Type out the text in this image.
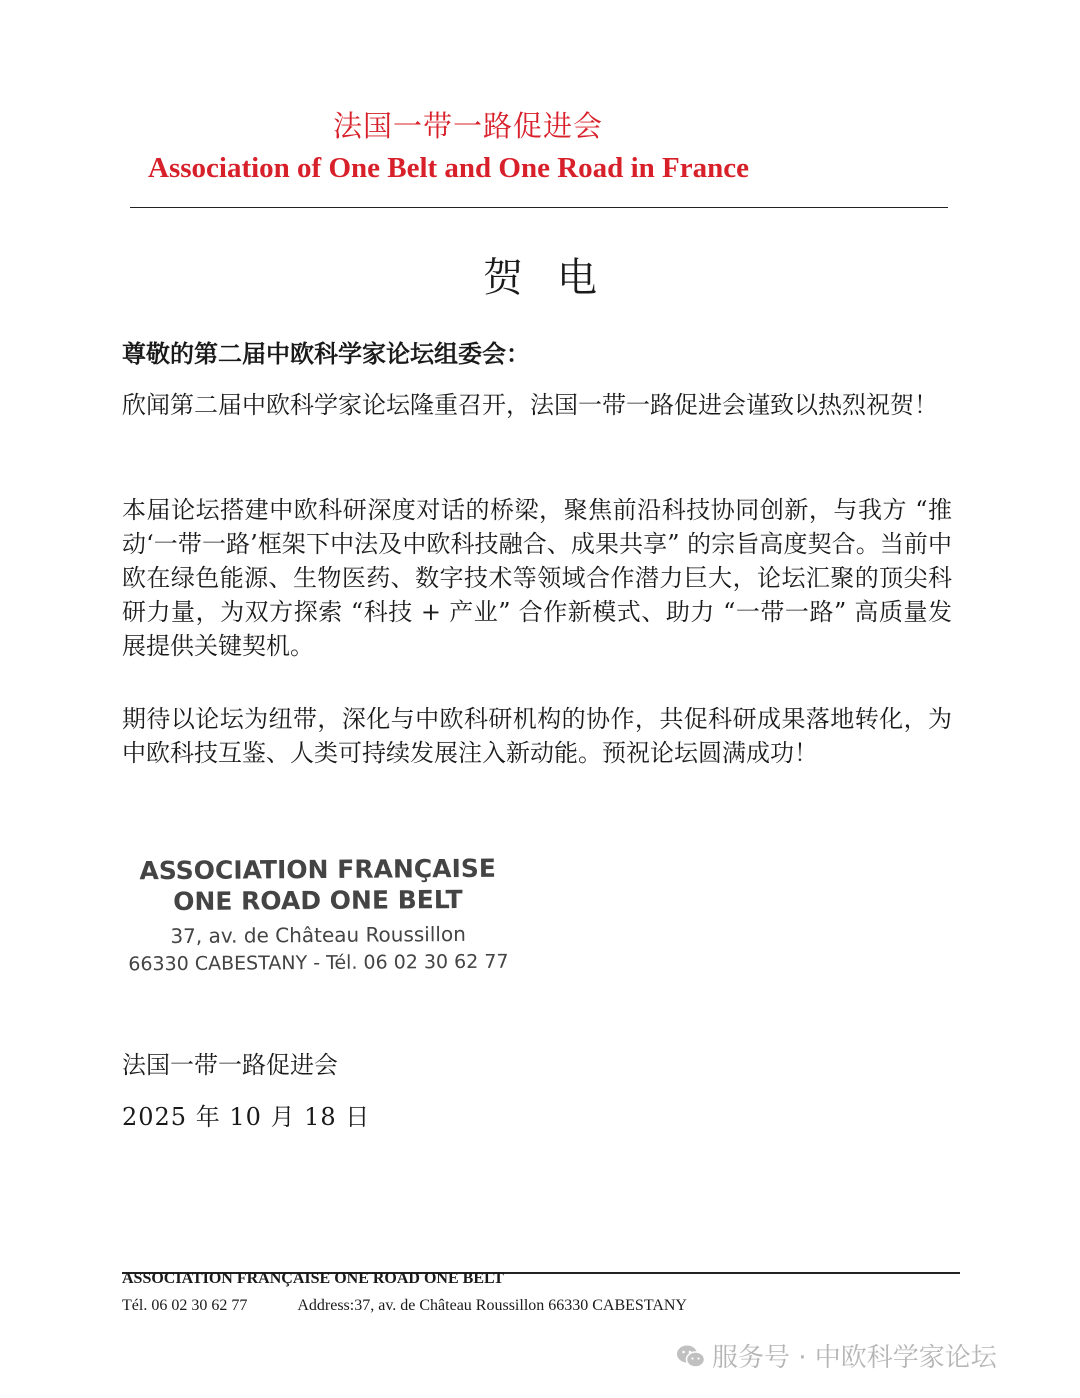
法国一带一路促进会
Association of One Belt and One Road in France
贺电
尊敬的第二届中欧科学家论坛组委会：

欣闻第二届中欧科学家论坛隆重召开，法国一带一路促进会谨致以热烈祝贺！

本届论坛搭建中欧科研深度对话的桥梁，聚焦前沿科技协同创新，与我方 “推动‘一带一路’框架下中法及中欧科技融合、成果共享” 的宗旨高度契合。当前中欧在绿色能源、生物医药、数字技术等领域合作潜力巨大，论坛汇聚的顶尖科研力量，为双方探索 “科技 + 产业” 合作新模式、助力 “一带一路” 高质量发展提供关键契机。

期待以论坛为纽带，深化与中欧科研机构的协作，共促科研成果落地转化，为中欧科技互鉴、人类可持续发展注入新动能。预祝论坛圆满成功！

ASSOCIATION FRANÇAISE
ONE ROAD ONE BELT
37, av. de Château Roussillon
66330 CABESTANY - Tél. 06 02 30 62 77
法国一带一路促进会
2025 年 10 月 18 日
ASSOCIATION FRANÇAISE ONE ROAD ONE BELT
Tél. 06 02 30 62 77	Address:37, av. de Château Roussillon 66330 CABESTANY
服务号 · 中欧科学家论坛
